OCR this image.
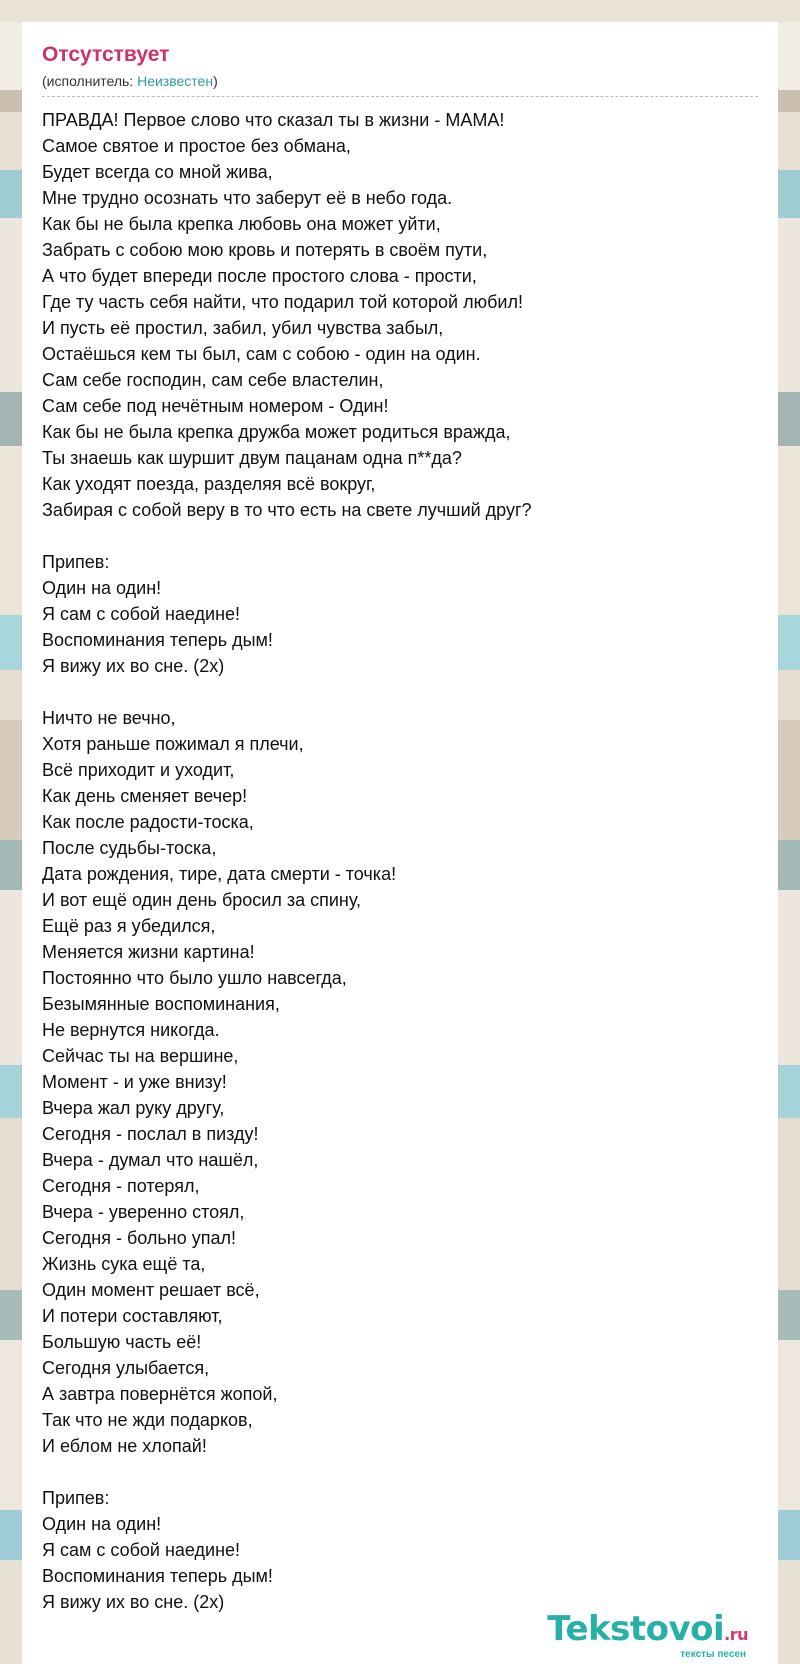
Отсутствует
(исполнитель: Неизвестен)
ПРАВДА! Первое слово что сказал ты в жизни - МАМА!
Самое святое и простое без обмана,
Будет всегда со мной жива,
Мне трудно осознать что заберут её в небо года.
Как бы не была крепка любовь она может уйти,
Забрать с собою мою кровь и потерять в своём пути,
А что будет впереди после простого слова - прости,
Где ту часть себя найти, что подарил той которой любил!
И пусть её простил, забил, убил чувства забыл,
Остаёшься кем ты был, сам с собою - один на один.
Сам себе господин, сам себе властелин,
Сам себе под нечётным номером - Один!
Как бы не была крепка дружба может родиться вражда,
Ты знаешь как шуршит двум пацанам одна п**да?
Как уходят поезда, разделяя всё вокруг,
Забирая с собой веру в то что есть на свете лучший друг?
Припев:
Один на один!
Я сам с собой наедине!
Воспоминания теперь дым!
Я вижу их во сне. (2х)
Ничто не вечно,
Хотя раньше пожимал я плечи,
Всё приходит и уходит,
Как день сменяет вечер!
Как после радости-тоска,
После судьбы-тоска,
Дата рождения, тире, дата смерти - точка!
И вот ещё один день бросил за спину,
Ещё раз я убедился,
Меняется жизни картина!
Постоянно что было ушло навсегда,
Безымянные воспоминания,
Не вернутся никогда.
Сейчас ты на вершине,
Момент - и уже внизу!
Вчера жал руку другу,
Сегодня - послал в пизду!
Вчера - думал что нашёл,
Сегодня - потерял,
Вчера - уверенно стоял,
Сегодня - больно упал!
Жизнь сука ещё та,
Один момент решает всё,
И потери составляют,
Большую часть её!
Сегодня улыбается,
А завтра повернётся жопой,
Так что не жди подарков,
И еблом не хлопай!
Припев:
Один на один!
Я сам с собой наедине!
Воспоминания теперь дым!
Я вижу их во сне. (2х)
Tekstovoi.ru
тексты песен
